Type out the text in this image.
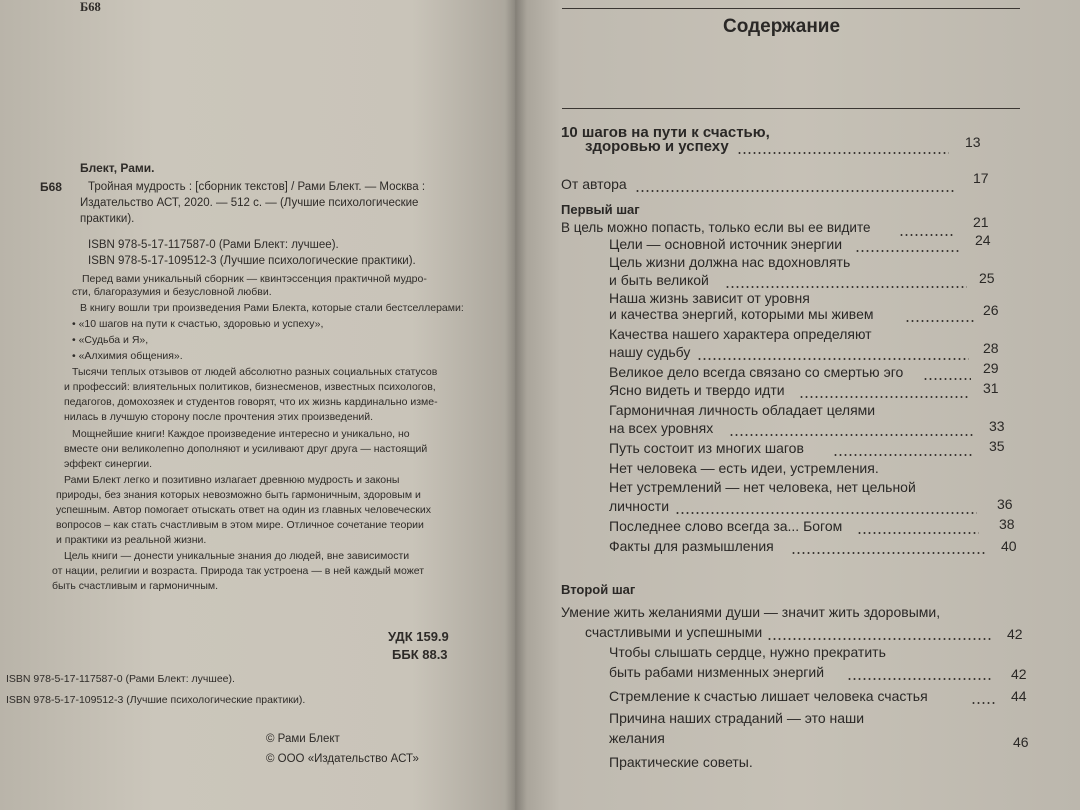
Б68
Блект, Рами.
Б68 Тройная мудрость : [сборник текстов] / Рами Блект. — Москва :
Издательство АСТ, 2020. — 512 с. — (Лучшие психологические
практики).
ISBN 978-5-17-117587-0 (Рами Блект: лучшее).
ISBN 978-5-17-109512-3 (Лучшие психологические практики).
Перед вами уникальный сборник — квинтэссенция практичной мудро-
сти, благоразумия и безусловной любви.
В книгу вошли три произведения Рами Блекта, которые стали бестселлерами:
• «10 шагов на пути к счастью, здоровью и успеху»,
• «Судьба и Я»,
• «Алхимия общения».
Тысячи теплых отзывов от людей абсолютно разных социальных статусов
и профессий: влиятельных политиков, бизнесменов, известных психологов,
педагогов, домохозяек и студентов говорят, что их жизнь кардинально изме-
нилась в лучшую сторону после прочтения этих произведений.
Мощнейшие книги! Каждое произведение интересно и уникально, но
вместе они великолепно дополняют и усиливают друг друга — настоящий
эффект синергии.
Рами Блект легко и позитивно излагает древнюю мудрость и законы
природы, без знания которых невозможно быть гармоничным, здоровым и
успешным. Автор помогает отыскать ответ на один из главных человеческих
вопросов – как стать счастливым в этом мире. Отличное сочетание теории
и практики из реальной жизни.
Цель книги — донести уникальные знания до людей, вне зависимости
от нации, религии и возраста. Природа так устроена — в ней каждый может
быть счастливым и гармоничным.
УДК 159.9
ББК 88.3
ISBN 978-5-17-117587-0 (Рами Блект: лучшее).
ISBN 978-5-17-109512-3 (Лучшие психологические практики).
© Рами Блект
© ООО «Издательство АСТ»
Содержание
10 шагов на пути к счастью,
здоровью и успеху	13
От автора	17
Первый шаг
В цель можно попасть, только если вы ее видите	21
Цели — основной источник энергии	24
Цель жизни должна нас вдохновлять
и быть великой	25
Наша жизнь зависит от уровня
и качества энергий, которыми мы живем	26
Качества нашего характера определяют
нашу судьбу	28
Великое дело всегда связано со смертью эго	29
Ясно видеть и твердо идти	31
Гармоничная личность обладает целями
на всех уровнях	33
Путь состоит из многих шагов	35
Нет человека — есть идеи, устремления.
Нет устремлений — нет человека, нет цельной
личности	36
Последнее слово всегда за... Богом	38
Факты для размышления	40
Второй шаг
Умение жить желаниями души — значит жить здоровыми,
счастливыми и успешными	42
Чтобы слышать сердце, нужно прекратить
быть рабами низменных энергий	42
Стремление к счастью лишает человека счастья	44
Причина наших страданий — это наши
желания	46
Практические советы.
